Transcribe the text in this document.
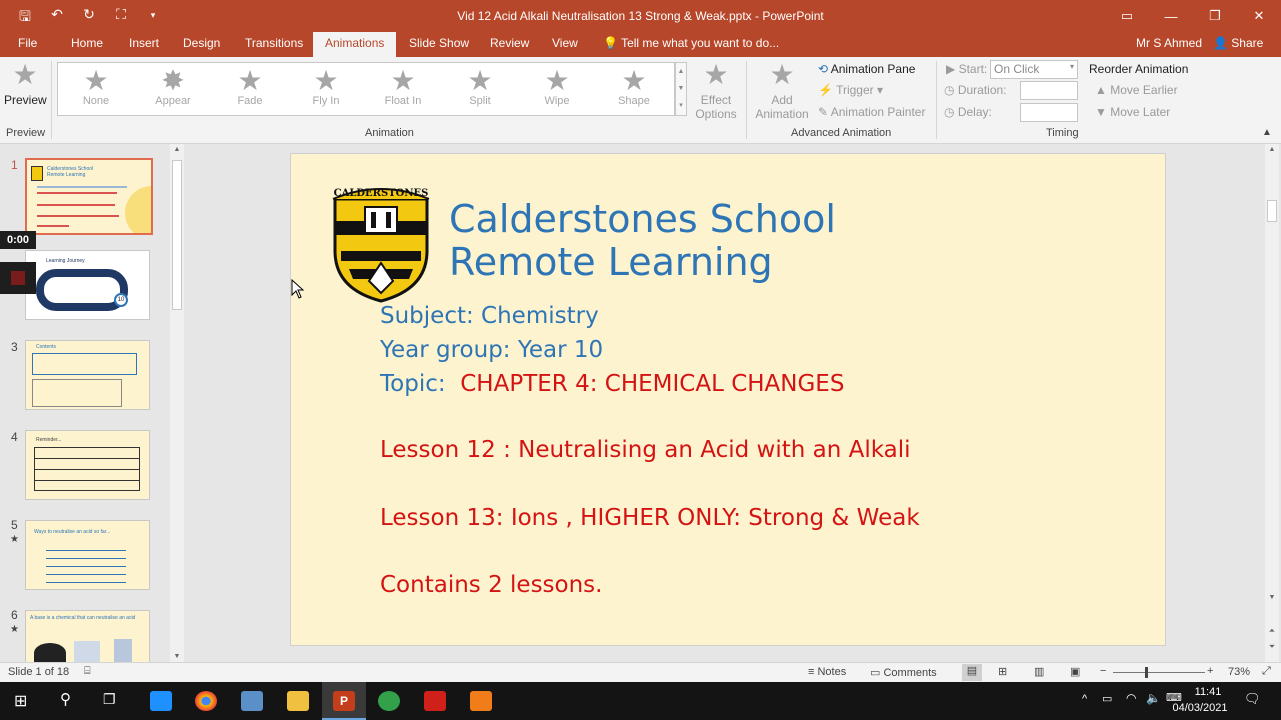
🖫 ↶ ↻ ⛶	▾	Vid 12 Acid Alkali Neutralisation 13 Strong & Weak.pptx - PowerPoint	▭	—	❐	✕
File	Home Insert Design Transitions	Animations	Slide Show Review View 💡 Tell me what you want to do...	Mr S Ahmed 👤 Share
★
Preview
Preview
★
None
✸
Appear
★
Fade
★
Fly In
★
Float In
★
Split
★
Wipe
★
Shape
▲
▼
▾
★
Effect
Options
Animation
★
Add
Animation
⟲ Animation Pane
⚡ Trigger ▾
✎ Animation Painter
Advanced Animation
▶ Start: On Click	▾
◷ Duration:
◷ Delay:
Reorder Animation
▲ Move Earlier
▼ Move Later
Timing	▲
1	Calderstones School Remote Learning
Learning Journey
10
3	Contents
4	Reminder...
5
★
Ways to neutralise an acid so far...
6
★
A base is a chemical that can neutralise an acid
▲
▼
0:00
CALDERSTONES
Calderstones School
Remote Learning
Subject: Chemistry
Year group: Year 10
Topic: CHAPTER 4: CHEMICAL CHANGES
Lesson 12 : Neutralising an Acid with an Alkali
Lesson 13: Ions , HIGHER ONLY: Strong & Weak
Contains 2 lessons.
▲
▼
⏶
⏷
Slide 1 of 18 ⌸	≡ Notes ▭ Comments	▤	⊞ ▥ ▣ −	+ 73% ⤢
⊞ ⚲ ❐	P	^ ▭ ◠ 🔈 ⌨	11:41
04/03/2021
🗨
